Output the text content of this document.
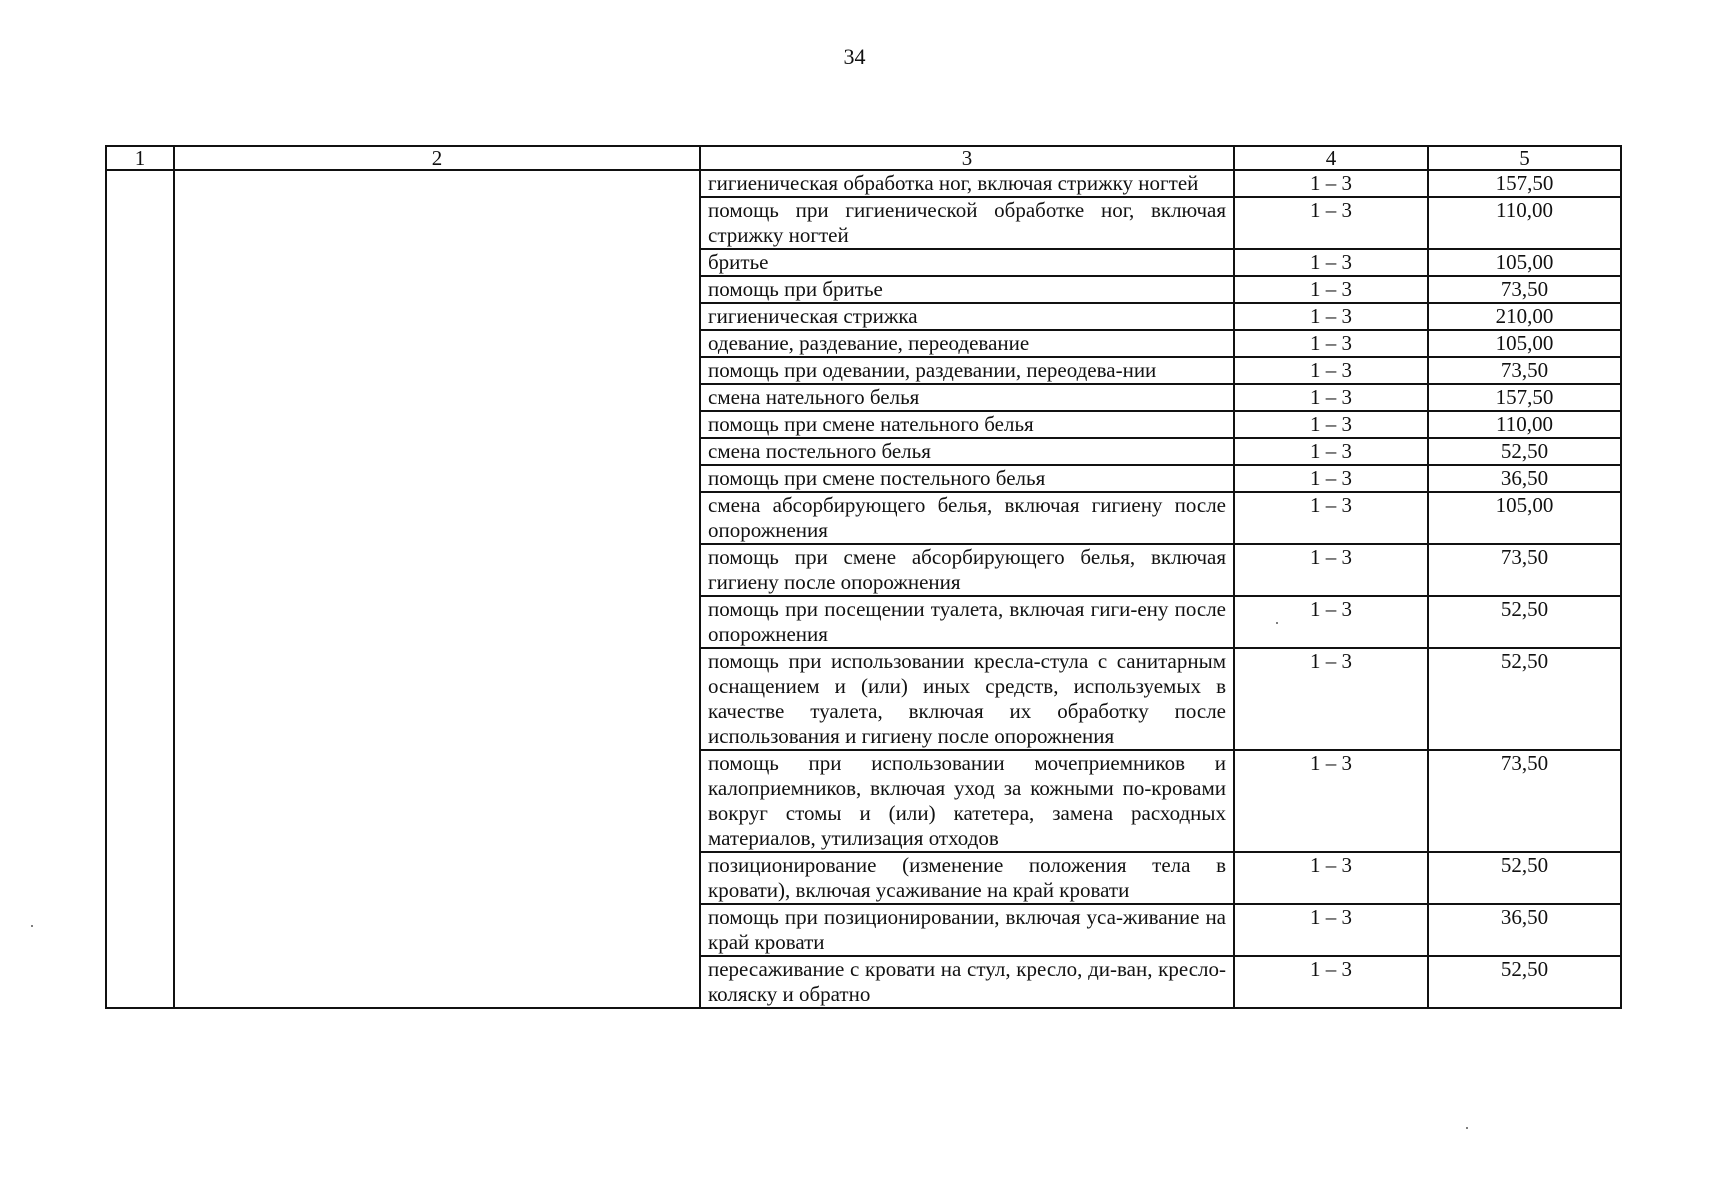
34
1	2	3	4	5
		гигиеническая обработка ног, включая стрижку ногтей	1 – 3	157,50
		помощь при гигиенической обработке ног, включая стрижку ногтей	1 – 3	110,00
		бритье	1 – 3	105,00
		помощь при бритье	1 – 3	73,50
		гигиеническая стрижка	1 – 3	210,00
		одевание, раздевание, переодевание	1 – 3	105,00
		помощь при одевании, раздевании, переодева-нии	1 – 3	73,50
		смена нательного белья	1 – 3	157,50
		помощь при смене нательного белья	1 – 3	110,00
		смена постельного белья	1 – 3	52,50
		помощь при смене постельного белья	1 – 3	36,50
		смена абсорбирующего белья, включая гигиену после опорожнения	1 – 3	105,00
		помощь при смене абсорбирующего белья, включая гигиену после опорожнения	1 – 3	73,50
		помощь при посещении туалета, включая гиги-ену после опорожнения	1 – 3	52,50
		помощь при использовании кресла-стула с санитарным оснащением и (или) иных средств, используемых в качестве туалета, включая их обработку после использования и гигиену после опорожнения	1 – 3	52,50
		помощь при использовании мочеприемников и калоприемников, включая уход за кожными по-кровами вокруг стомы и (или) катетера, замена расходных материалов, утилизация отходов	1 – 3	73,50
		позиционирование (изменение положения тела в кровати), включая усаживание на край кровати	1 – 3	52,50
		помощь при позиционировании, включая уса-живание на край кровати	1 – 3	36,50
		пересаживание с кровати на стул, кресло, ди-ван, кресло-коляску и обратно	1 – 3	52,50
